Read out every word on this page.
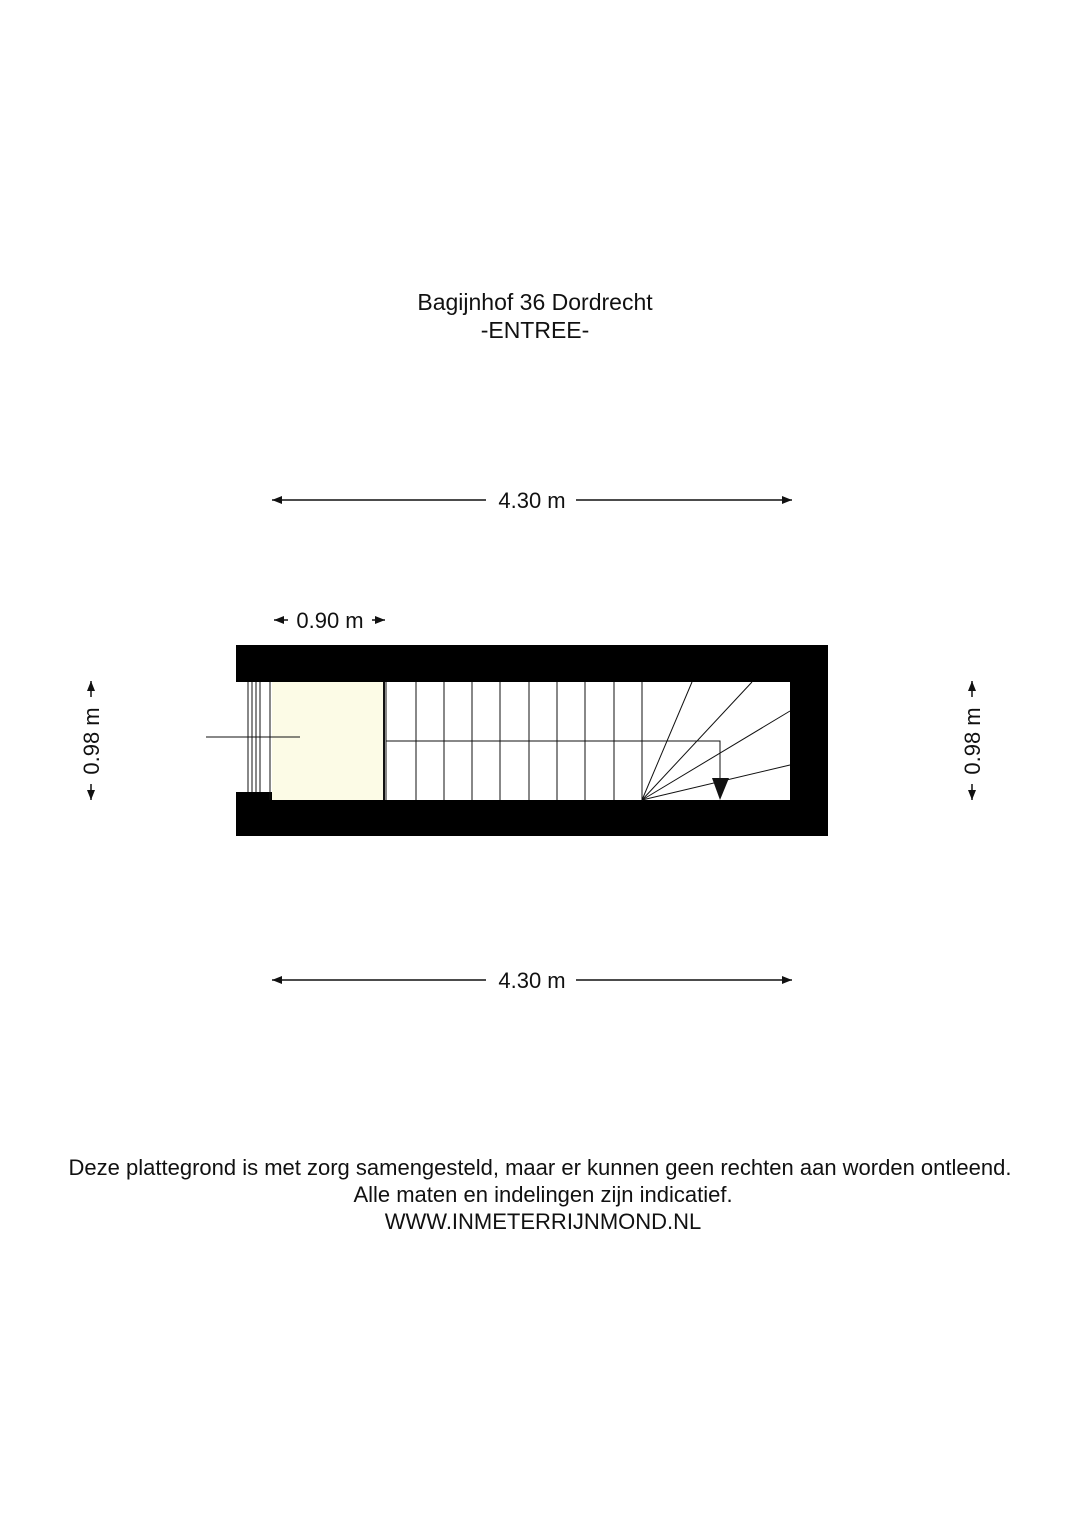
Bagijnhof 36 Dordrecht
-ENTREE-
4.30 m
0.90 m
0.98 m	0.98 m
4.30 m
Deze plattegrond is met zorg samengesteld, maar er kunnen geen rechten aan worden ontleend.
Alle maten en indelingen zijn indicatief.
WWW.INMETERRIJNMOND.NL
